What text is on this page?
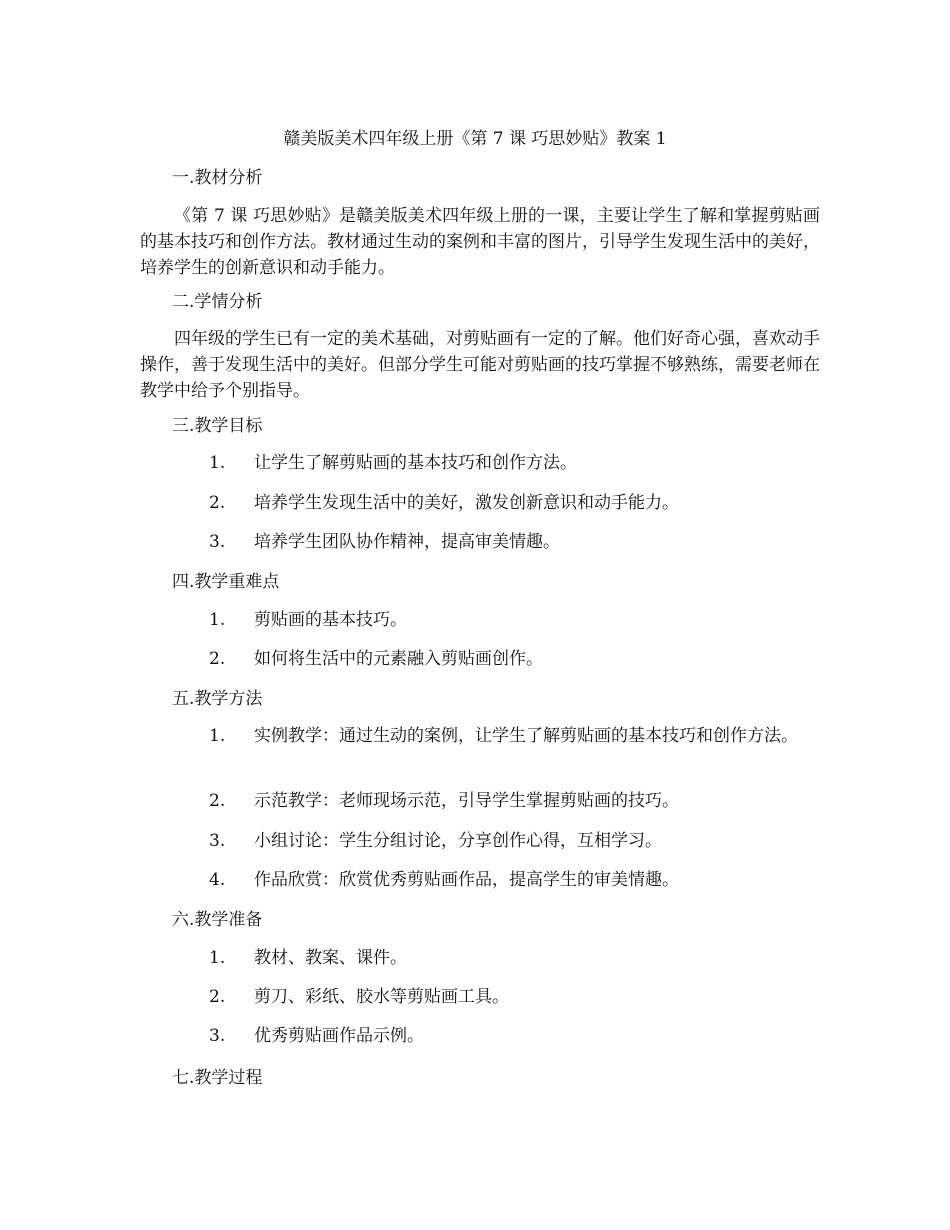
赣美版美术四年级上册《第 7 课 巧思妙贴》教案 1
一.教材分析
《第 7 课 巧思妙贴》是赣美版美术四年级上册的一课，主要让学生了解和掌握剪贴画的基本技巧和创作方法。教材通过生动的案例和丰富的图片，引导学生发现生活中的美好，培养学生的创新意识和动手能力。
二.学情分析
四年级的学生已有一定的美术基础，对剪贴画有一定的了解。他们好奇心强，喜欢动手操作，善于发现生活中的美好。但部分学生可能对剪贴画的技巧掌握不够熟练，需要老师在教学中给予个别指导。
三.教学目标
1.	让学生了解剪贴画的基本技巧和创作方法。
2.	培养学生发现生活中的美好，激发创新意识和动手能力。
3.	培养学生团队协作精神，提高审美情趣。
四.教学重难点
1.	剪贴画的基本技巧。
2.	如何将生活中的元素融入剪贴画创作。
五.教学方法
1.	实例教学：通过生动的案例，让学生了解剪贴画的基本技巧和创作方法。
2.	示范教学：老师现场示范，引导学生掌握剪贴画的技巧。
3.	小组讨论：学生分组讨论，分享创作心得，互相学习。
4.	作品欣赏：欣赏优秀剪贴画作品，提高学生的审美情趣。
六.教学准备
1.	教材、教案、课件。
2.	剪刀、彩纸、胶水等剪贴画工具。
3.	优秀剪贴画作品示例。
七.教学过程
